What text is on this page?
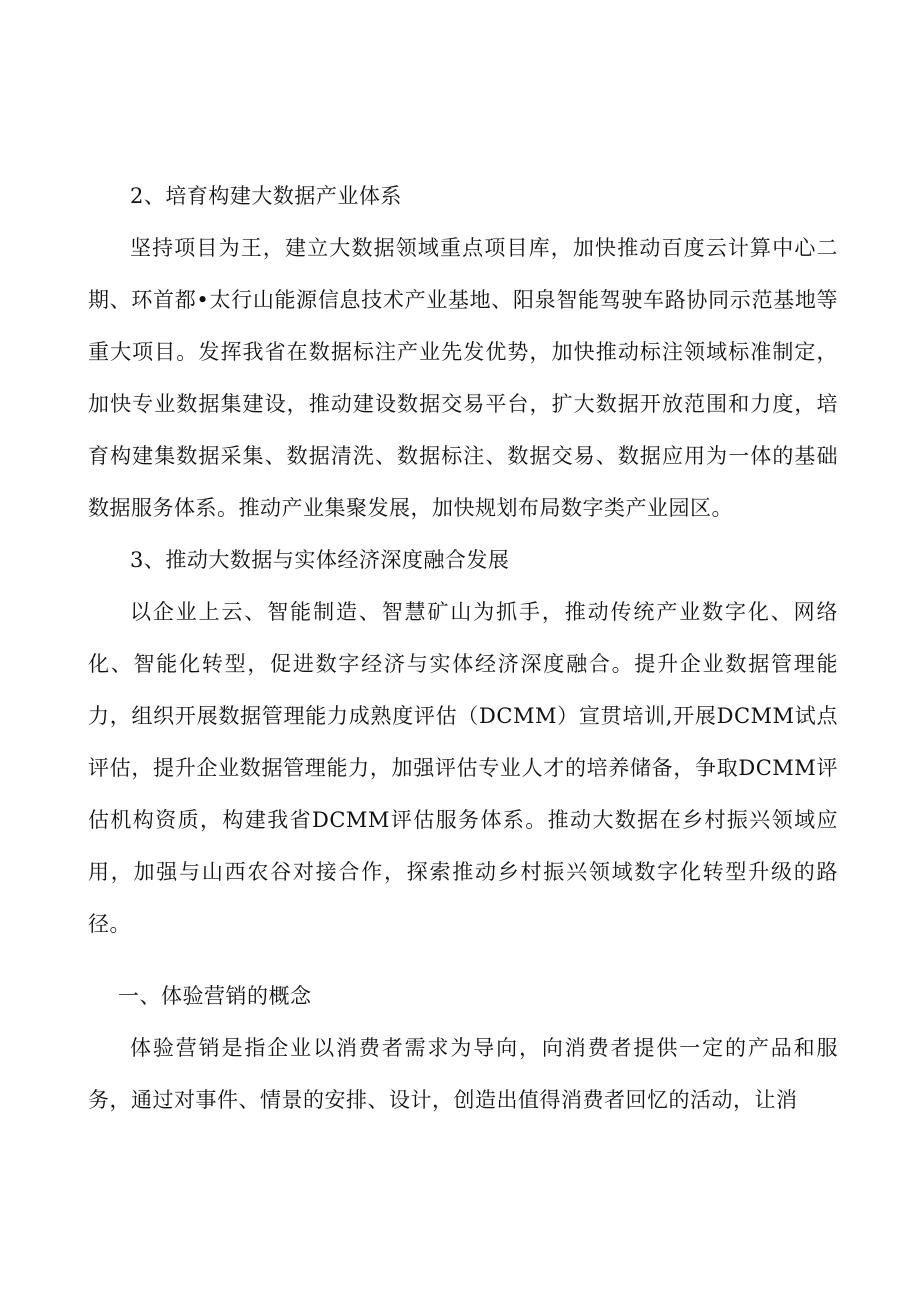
2、培育构建大数据产业体系

坚持项目为王，建立大数据领域重点项目库，加快推动百度云计算中心二期、环首都•太行山能源信息技术产业基地、阳泉智能驾驶车路协同示范基地等重大项目。发挥我省在数据标注产业先发优势，加快推动标注领域标准制定，加快专业数据集建设，推动建设数据交易平台，扩大数据开放范围和力度，培育构建集数据采集、数据清洗、数据标注、数据交易、数据应用为一体的基础数据服务体系。推动产业集聚发展，加快规划布局数字类产业园区。

3、推动大数据与实体经济深度融合发展

以企业上云、智能制造、智慧矿山为抓手，推动传统产业数字化、网络化、智能化转型，促进数字经济与实体经济深度融合。提升企业数据管理能力，组织开展数据管理能力成熟度评估（DCMM）宣贯培训,开展DCMM试点评估，提升企业数据管理能力，加强评估专业人才的培养储备，争取DCMM评估机构资质，构建我省DCMM评估服务体系。推动大数据在乡村振兴领域应用，加强与山西农谷对接合作，探索推动乡村振兴领域数字化转型升级的路径。

一、体验营销的概念

体验营销是指企业以消费者需求为导向，向消费者提供一定的产品和服务，通过对事件、情景的安排、设计，创造出值得消费者回忆的活动，让消
